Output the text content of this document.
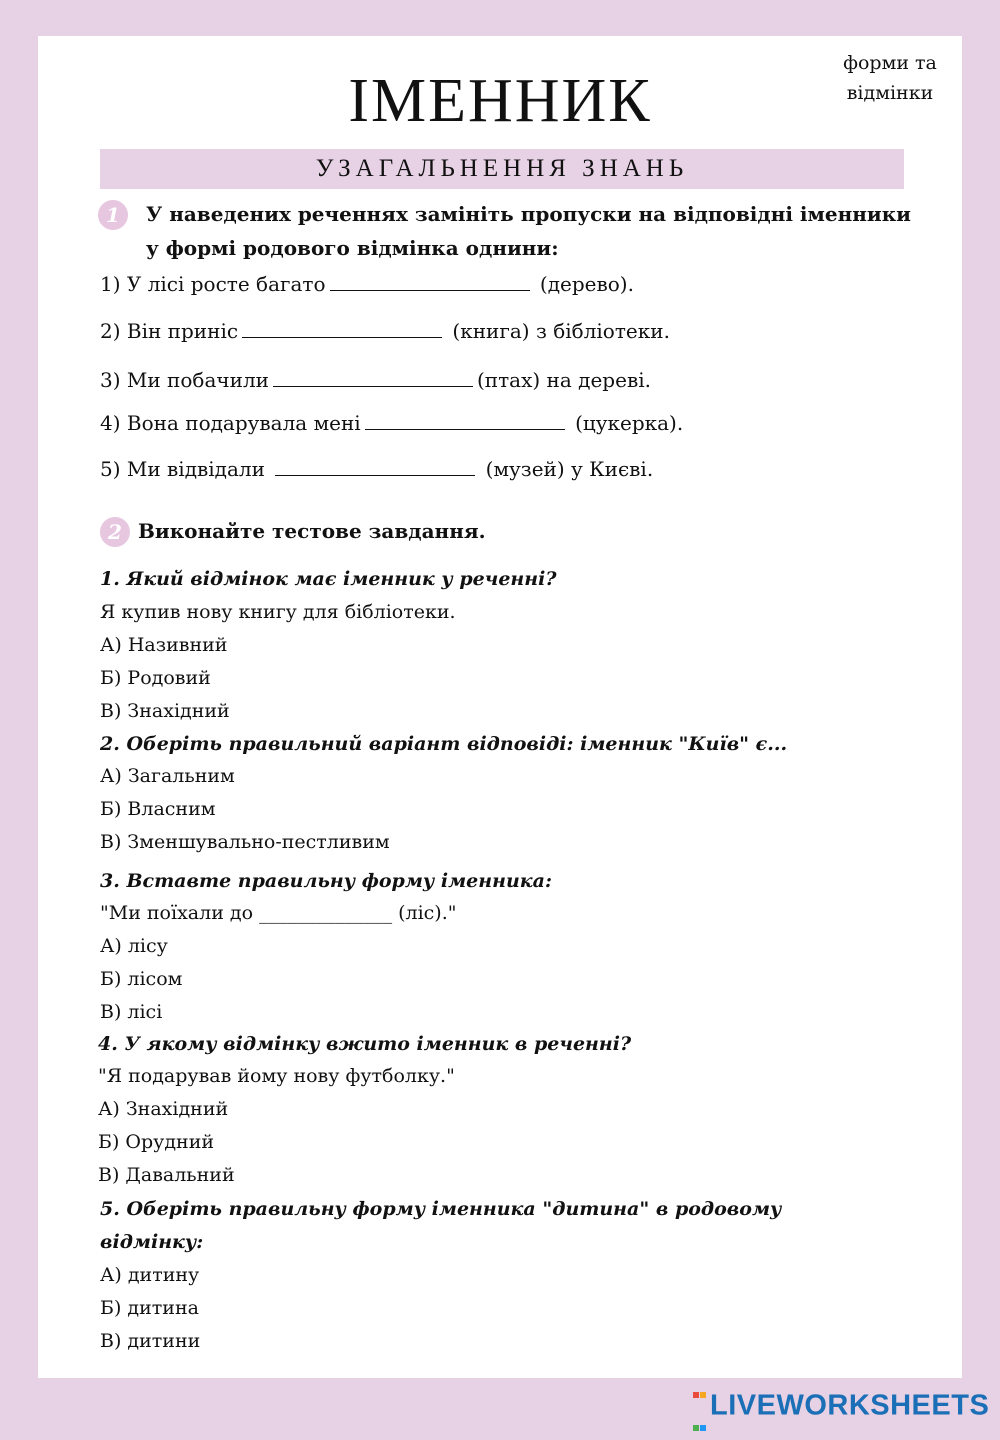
ІМЕННИК
форми та відмінки
УЗАГАЛЬНЕННЯ ЗНАНЬ
1	У наведених реченнях замініть пропуски на відповідні іменники у формі родового відмінка однини:
1) У лісі росте багато	(дерево).
2) Він приніс	(книга) з бібліотеки.
3) Ми побачили	(птах) на дереві.
4) Вона подарувала мені	(цукерка).
5) Ми відвідали	(музей) у Києві.
2 Виконайте тестове завдання.
1. Який відмінок має іменник у реченні?
Я купив нову книгу для бібліотеки.
А) Називний
Б) Родовий
В) Знахідний
2. Оберіть правильний варіант відповіді: іменник "Київ" є...
А) Загальним
Б) Власним
В) Зменшувально-пестливим
3. Вставте правильну форму іменника:
"Ми поїхали до ______________ (ліс)."
А) лісу
Б) лісом
В) лісі
4. У якому відмінку вжито іменник в реченні?
"Я подарував йому нову футболку."
А) Знахідний
Б) Орудний
В) Давальний
5. Оберіть правильну форму іменника "дитина" в родовому
відмінку:
А) дитину
Б) дитина
В) дитини

LIVEWORKSHEETS
